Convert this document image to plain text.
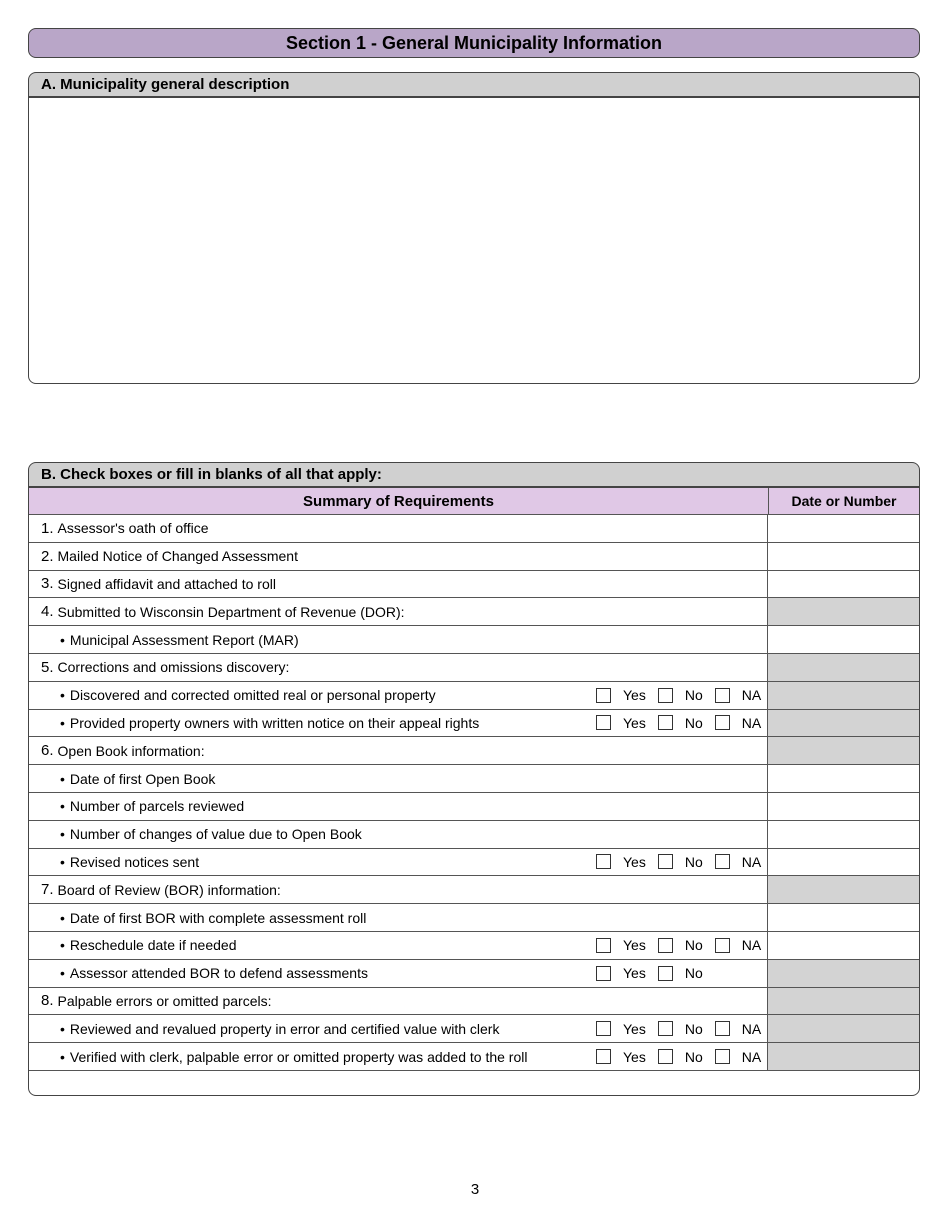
Section 1 - General Municipality Information
A. Municipality general description
B. Check boxes or fill in blanks of all that apply:
Summary of Requirements	Date or Number
1. Assessor's oath of office
2. Mailed Notice of Changed Assessment
3. Signed affidavit and attached to roll
4. Submitted to Wisconsin Department of Revenue (DOR):
• Municipal Assessment Report (MAR)
5. Corrections and omissions discovery:
• Discovered and corrected omitted real or personal property	Yes	No	NA
• Provided property owners with written notice on their appeal rights	Yes	No	NA
6. Open Book information:
• Date of first Open Book
• Number of parcels reviewed
• Number of changes of value due to Open Book
• Revised notices sent	Yes	No	NA
7. Board of Review (BOR) information:
• Date of first BOR with complete assessment roll
• Reschedule date if needed	Yes	No	NA
• Assessor attended BOR to defend assessments	Yes	No
8. Palpable errors or omitted parcels:
• Reviewed and revalued property in error and certified value with clerk	Yes	No	NA
• Verified with clerk, palpable error or omitted property was added to the roll	Yes	No	NA
3
